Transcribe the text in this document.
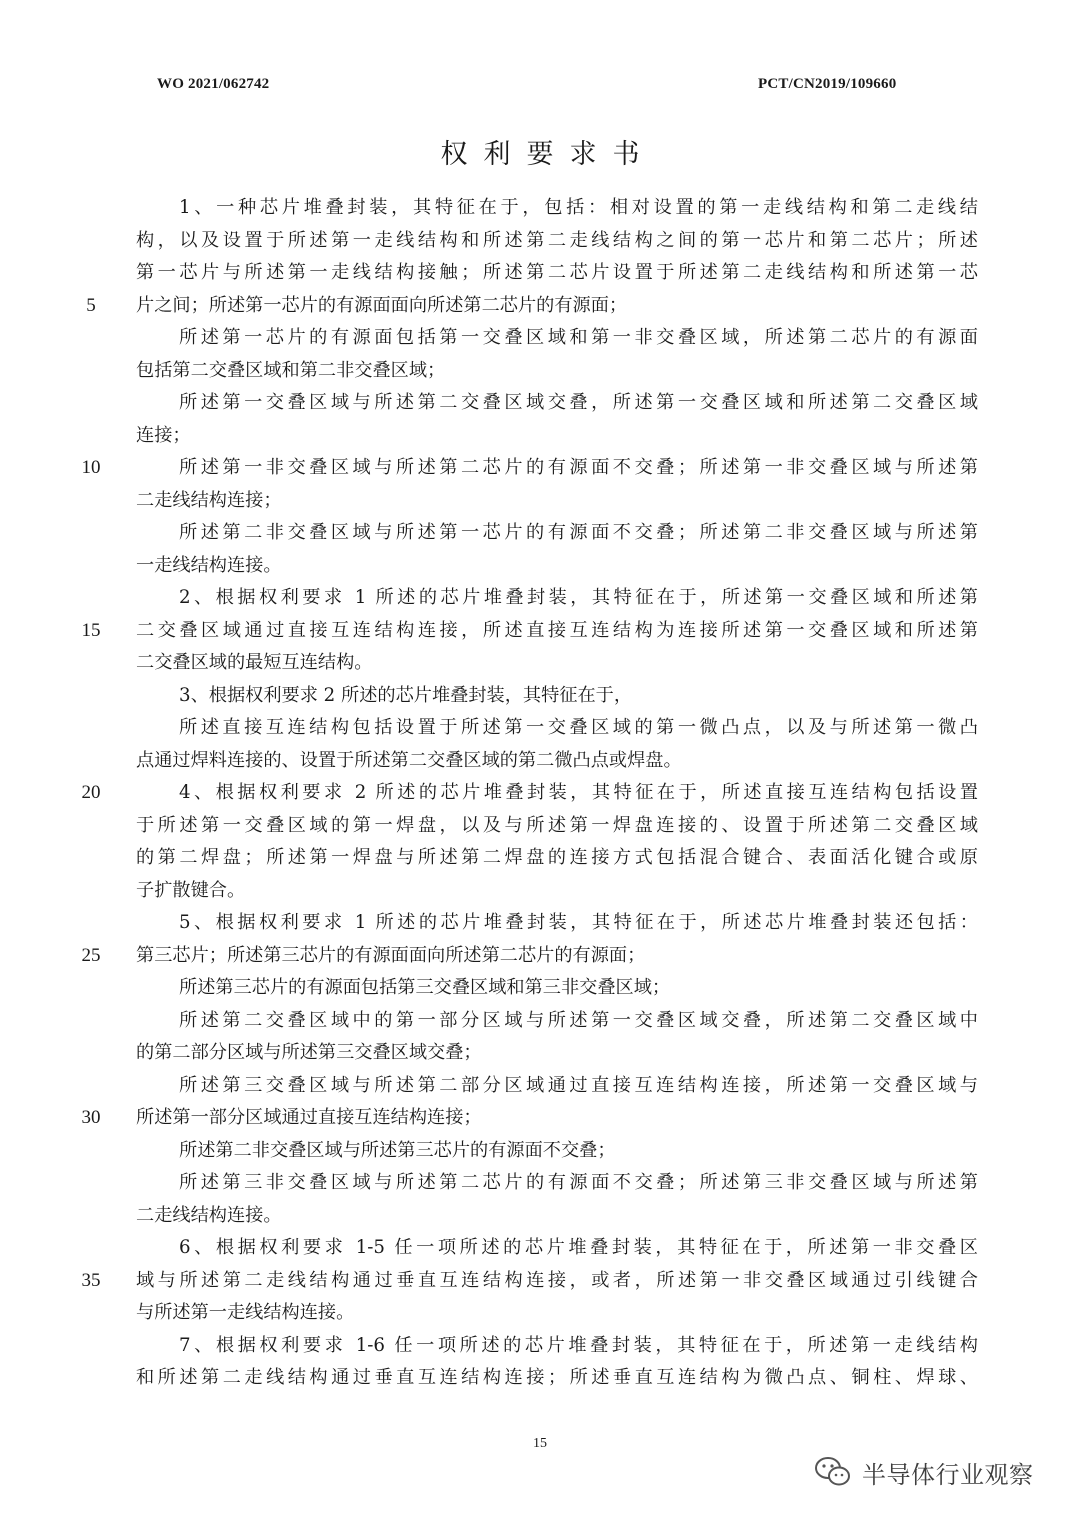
WO 2021/062742	PCT/CN2019/109660
权利要求书
1、一种芯片堆叠封装，其特征在于，包括：相对设置的第一走线结构和第二走线结
构，以及设置于所述第一走线结构和所述第二走线结构之间的第一芯片和第二芯片；所述
第一芯片与所述第一走线结构接触；所述第二芯片设置于所述第二走线结构和所述第一芯
片之间；所述第一芯片的有源面面向所述第二芯片的有源面；
所述第一芯片的有源面包括第一交叠区域和第一非交叠区域，所述第二芯片的有源面
包括第二交叠区域和第二非交叠区域；
所述第一交叠区域与所述第二交叠区域交叠，所述第一交叠区域和所述第二交叠区域
连接；
所述第一非交叠区域与所述第二芯片的有源面不交叠；所述第一非交叠区域与所述第
二走线结构连接；
所述第二非交叠区域与所述第一芯片的有源面不交叠；所述第二非交叠区域与所述第
一走线结构连接。
2、根据权利要求 1 所述的芯片堆叠封装，其特征在于，所述第一交叠区域和所述第
二交叠区域通过直接互连结构连接，所述直接互连结构为连接所述第一交叠区域和所述第
二交叠区域的最短互连结构。
3、根据权利要求 2 所述的芯片堆叠封装，其特征在于，
所述直接互连结构包括设置于所述第一交叠区域的第一微凸点，以及与所述第一微凸
点通过焊料连接的、设置于所述第二交叠区域的第二微凸点或焊盘。
4、根据权利要求 2 所述的芯片堆叠封装，其特征在于，所述直接互连结构包括设置
于所述第一交叠区域的第一焊盘，以及与所述第一焊盘连接的、设置于所述第二交叠区域
的第二焊盘；所述第一焊盘与所述第二焊盘的连接方式包括混合键合、表面活化键合或原
子扩散键合。
5、根据权利要求 1 所述的芯片堆叠封装，其特征在于，所述芯片堆叠封装还包括：
第三芯片；所述第三芯片的有源面面向所述第二芯片的有源面；
所述第三芯片的有源面包括第三交叠区域和第三非交叠区域；
所述第二交叠区域中的第一部分区域与所述第一交叠区域交叠，所述第二交叠区域中
的第二部分区域与所述第三交叠区域交叠；
所述第三交叠区域与所述第二部分区域通过直接互连结构连接，所述第一交叠区域与
所述第一部分区域通过直接互连结构连接；
所述第二非交叠区域与所述第三芯片的有源面不交叠；
所述第三非交叠区域与所述第二芯片的有源面不交叠；所述第三非交叠区域与所述第
二走线结构连接。
6、根据权利要求 1-5 任一项所述的芯片堆叠封装，其特征在于，所述第一非交叠区
域与所述第二走线结构通过垂直互连结构连接，或者，所述第一非交叠区域通过引线键合
与所述第一走线结构连接。
7、根据权利要求 1-6 任一项所述的芯片堆叠封装，其特征在于，所述第一走线结构
和所述第二走线结构通过垂直互连结构连接；所述垂直互连结构为微凸点、铜柱、焊球、
5
10
15
20
25
30
35
15
半导体行业观察
